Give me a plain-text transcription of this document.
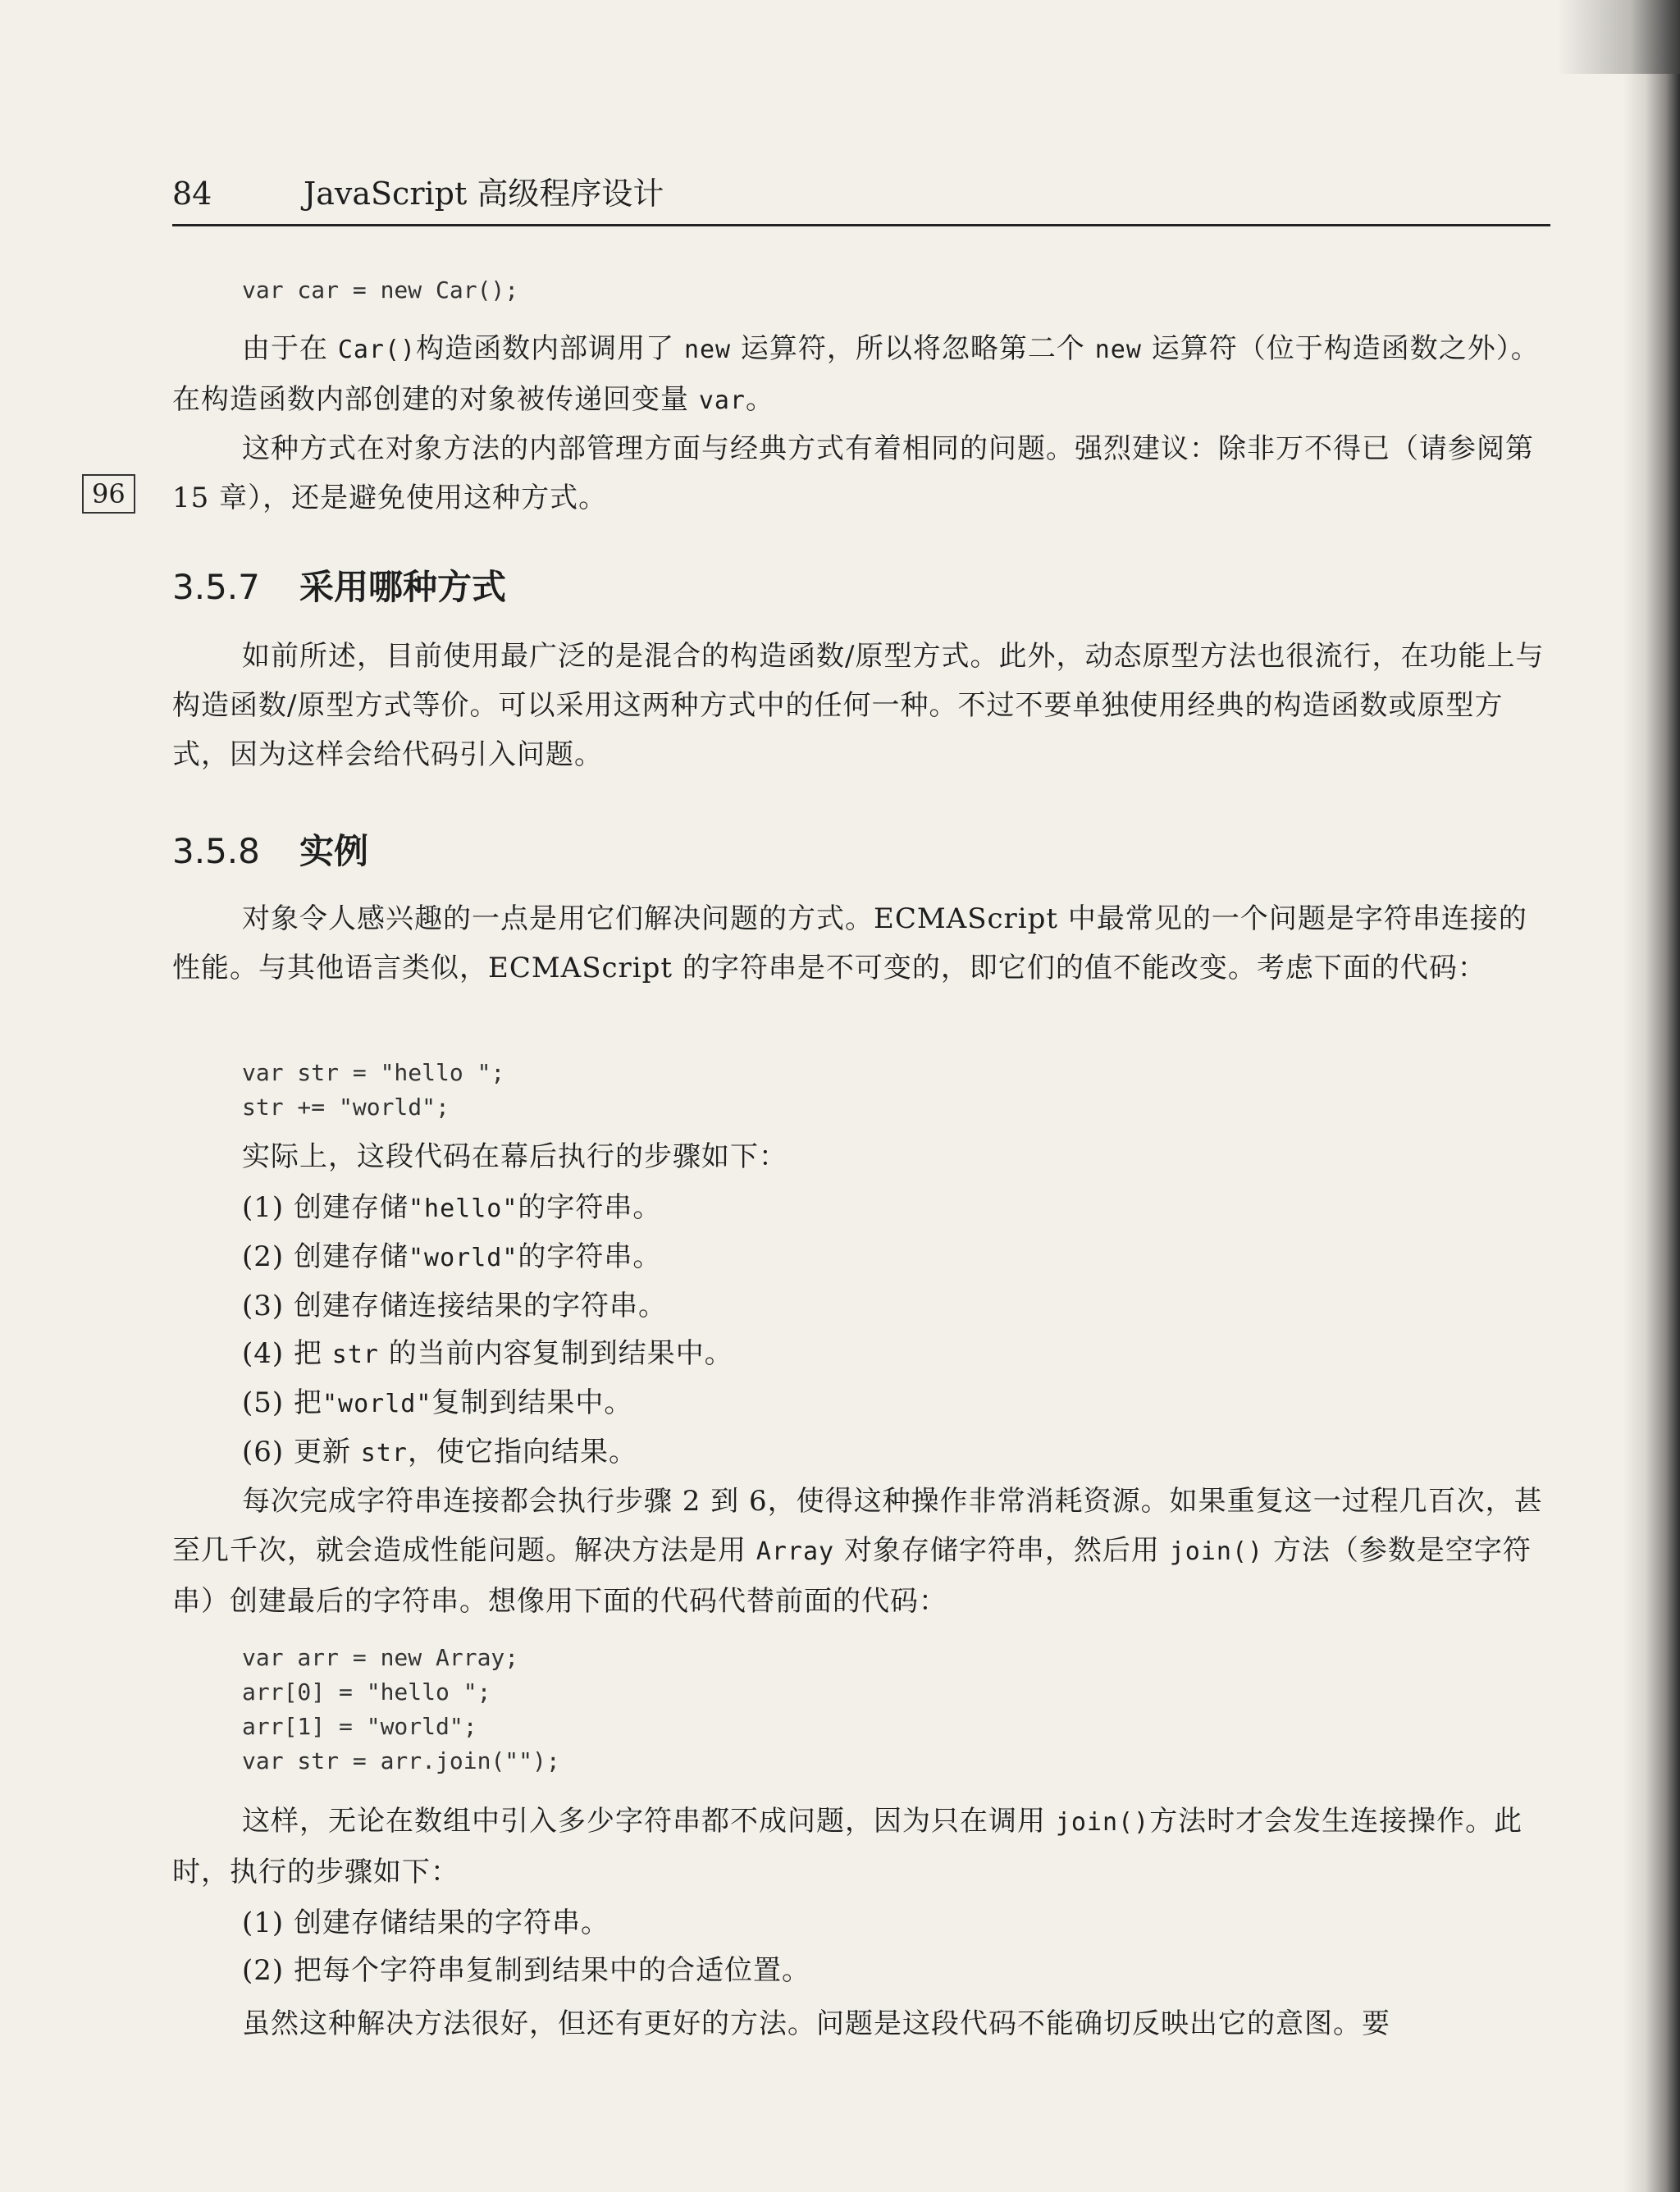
96
84	JavaScript 高级程序设计
var car = new Car();

由于在 Car()构造函数内部调用了 new 运算符，所以将忽略第二个 new 运算符（位于构造函数之外）。在构造函数内部创建的对象被传递回变量 var。

这种方式在对象方法的内部管理方面与经典方式有着相同的问题。强烈建议：除非万不得已（请参阅第 15 章），还是避免使用这种方式。

3.5.7 采用哪种方式

如前所述，目前使用最广泛的是混合的构造函数/原型方式。此外，动态原型方法也很流行，在功能上与构造函数/原型方式等价。可以采用这两种方式中的任何一种。不过不要单独使用经典的构造函数或原型方式，因为这样会给代码引入问题。

3.5.8 实例

对象令人感兴趣的一点是用它们解决问题的方式。ECMAScript 中最常见的一个问题是字符串连接的性能。与其他语言类似，ECMAScript 的字符串是不可变的，即它们的值不能改变。考虑下面的代码：

var str = "hello ";
str += "world";

实际上，这段代码在幕后执行的步骤如下：

(1) 创建存储"hello"的字符串。
(2) 创建存储"world"的字符串。
(3) 创建存储连接结果的字符串。
(4) 把 str 的当前内容复制到结果中。
(5) 把"world"复制到结果中。
(6) 更新 str，使它指向结果。

每次完成字符串连接都会执行步骤 2 到 6，使得这种操作非常消耗资源。如果重复这一过程几百次，甚至几千次，就会造成性能问题。解决方法是用 Array 对象存储字符串，然后用 join() 方法（参数是空字符串）创建最后的字符串。想像用下面的代码代替前面的代码：

var arr = new Array;
arr[0] = "hello ";
arr[1] = "world";
var str = arr.join("");

这样，无论在数组中引入多少字符串都不成问题，因为只在调用 join()方法时才会发生连接操作。此时，执行的步骤如下：

(1) 创建存储结果的字符串。
(2) 把每个字符串复制到结果中的合适位置。

虽然这种解决方法很好，但还有更好的方法。问题是这段代码不能确切反映出它的意图。要
